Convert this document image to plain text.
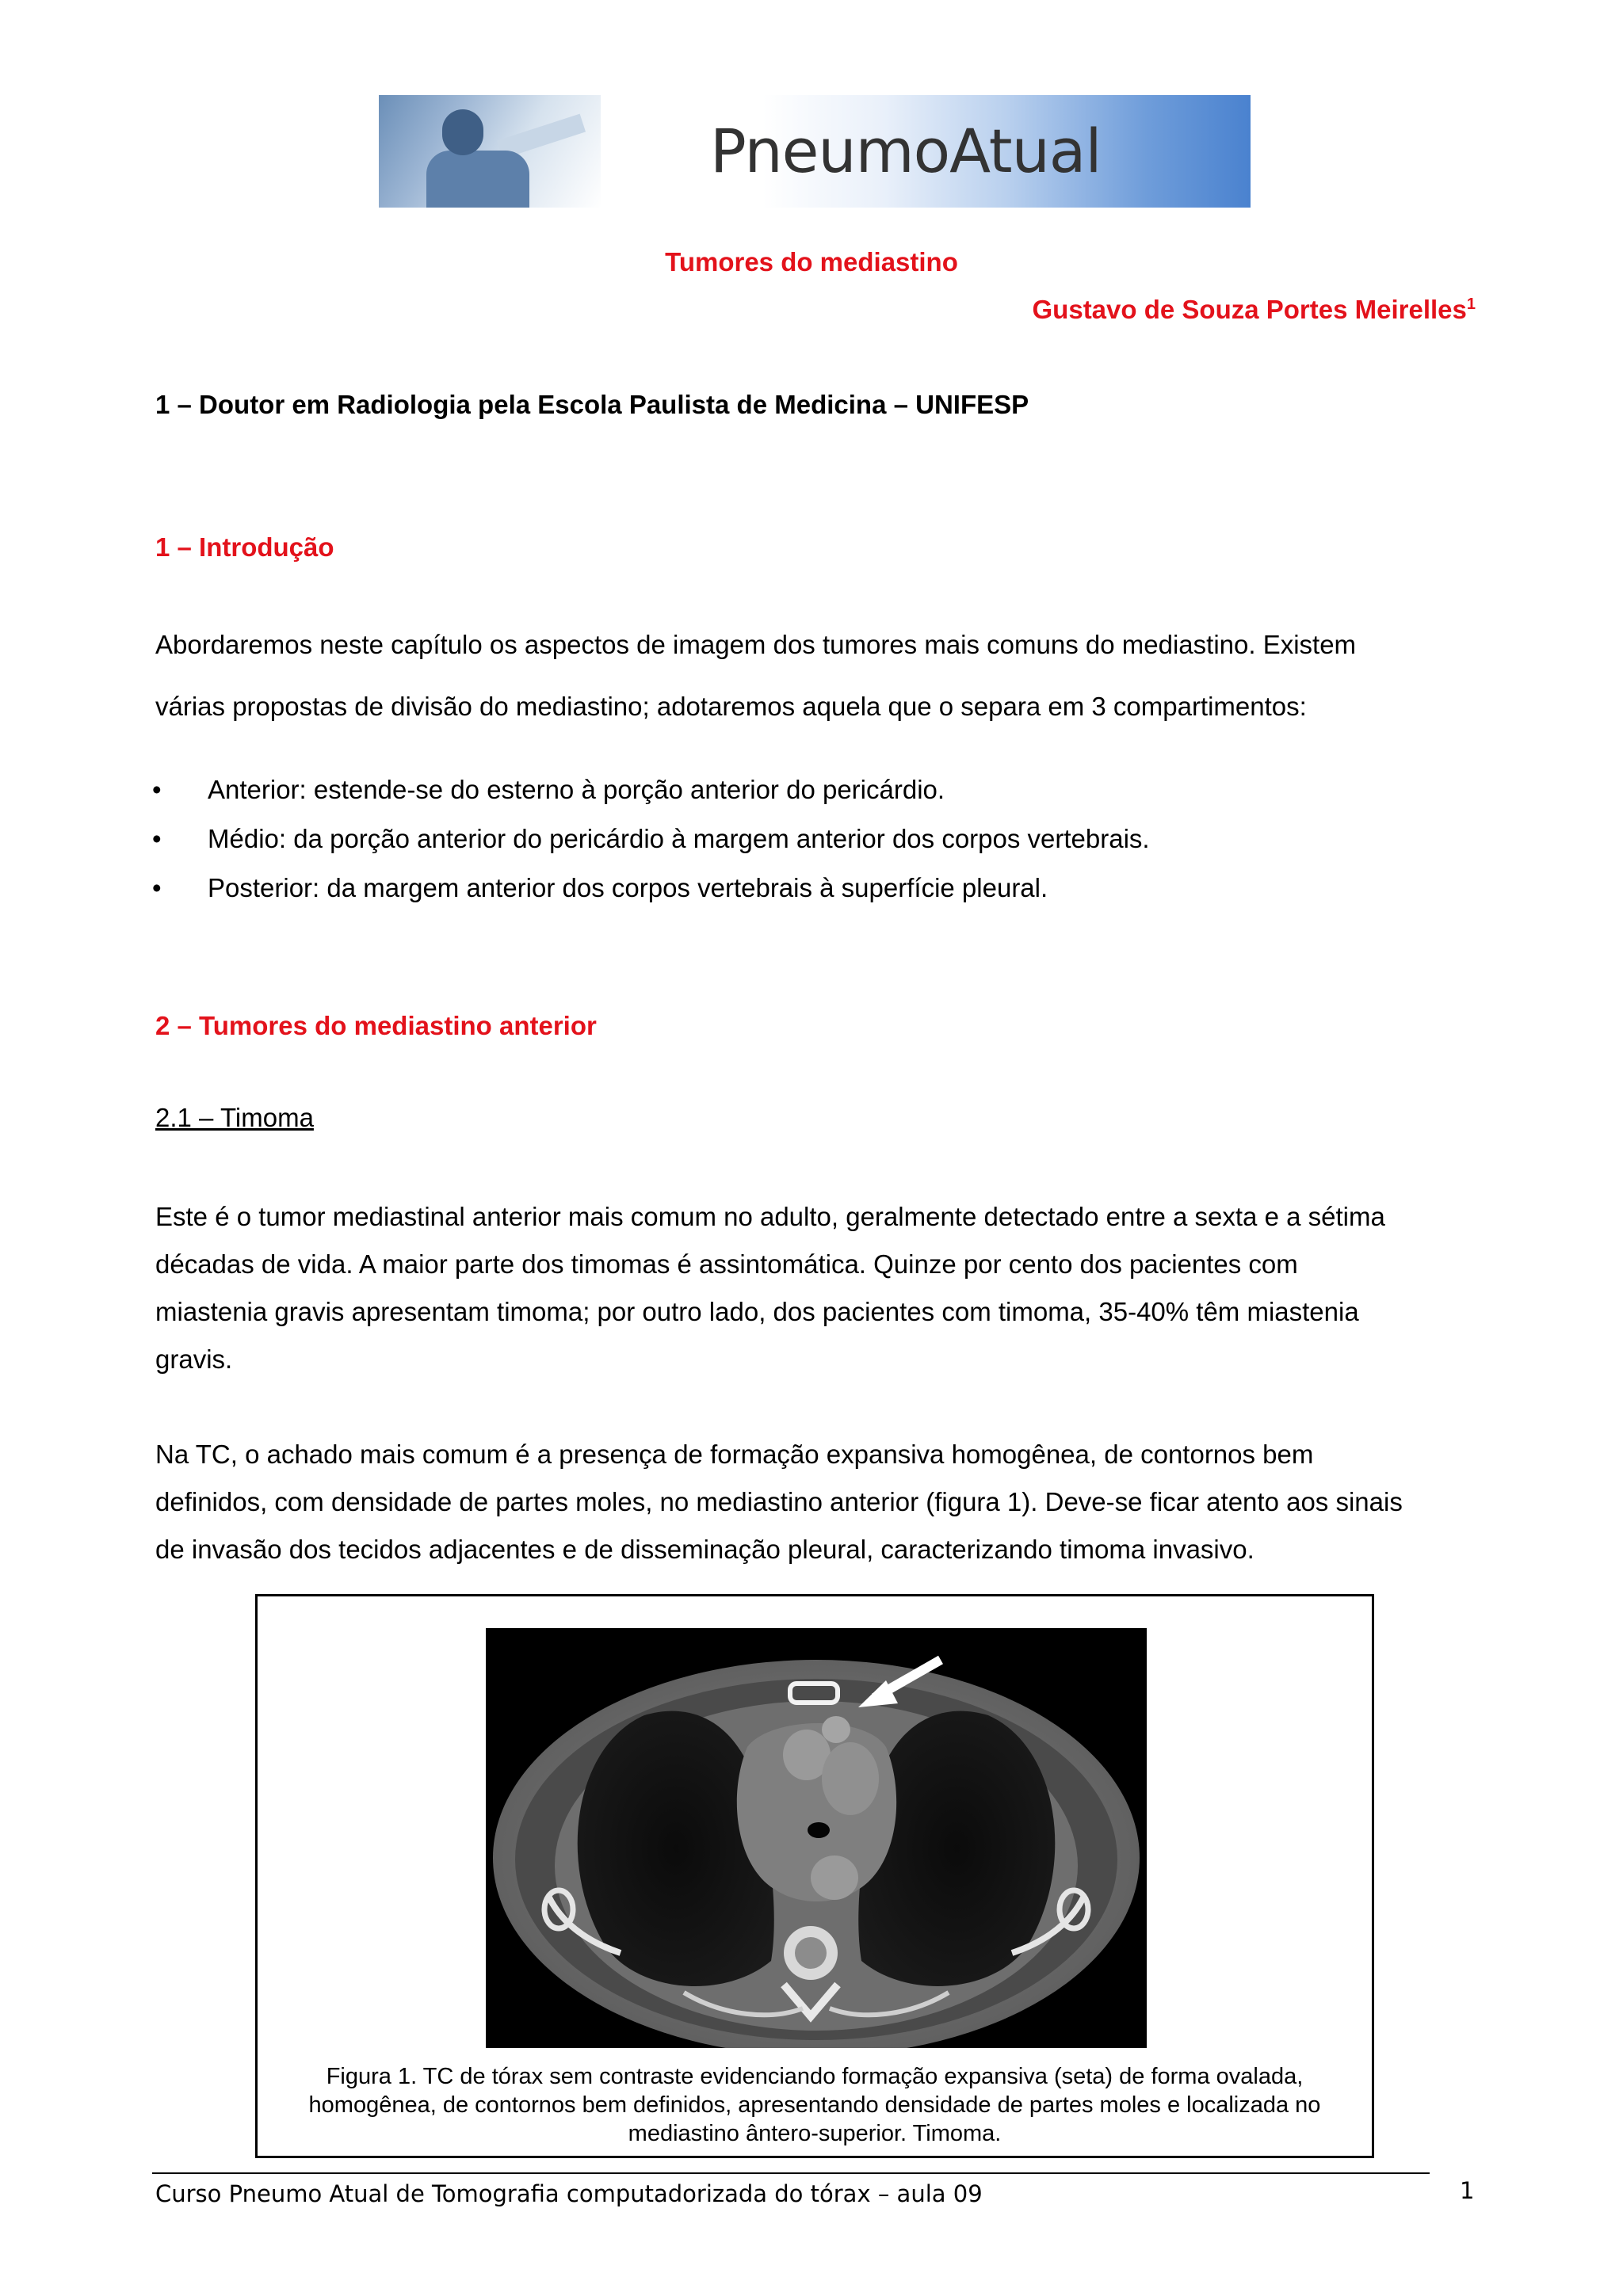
PneumoAtual
Tumores do mediastino
Gustavo de Souza Portes Meirelles$^1$
1 – Doutor em Radiologia pela Escola Paulista de Medicina – UNIFESP
1 – Introdução
Abordaremos neste capítulo os aspectos de imagem dos tumores mais comuns do mediastino. Existem
várias propostas de divisão do mediastino; adotaremos aquela que o separa em 3 compartimentos:
• Anterior: estende-se do esterno à porção anterior do pericárdio.
• Médio: da porção anterior do pericárdio à margem anterior dos corpos vertebrais.
• Posterior: da margem anterior dos corpos vertebrais à superfície pleural.
2 – Tumores do mediastino anterior
2.1 – Timoma
Este é o tumor mediastinal anterior mais comum no adulto, geralmente detectado entre a sexta e a sétima
décadas de vida. A maior parte dos timomas é assintomática. Quinze por cento dos pacientes com
miastenia gravis apresentam timoma; por outro lado, dos pacientes com timoma, 35-40% têm miastenia
gravis.
Na TC, o achado mais comum é a presença de formação expansiva homogênea, de contornos bem
definidos, com densidade de partes moles, no mediastino anterior (figura 1). Deve-se ficar atento aos sinais
de invasão dos tecidos adjacentes e de disseminação pleural, caracterizando timoma invasivo.
Figura 1. TC de tórax sem contraste evidenciando formação expansiva (seta) de forma ovalada,
homogênea, de contornos bem definidos, apresentando densidade de partes moles e localizada no
mediastino ântero-superior. Timoma.
Curso Pneumo Atual de Tomografia computadorizada do tórax – aula 09	1
